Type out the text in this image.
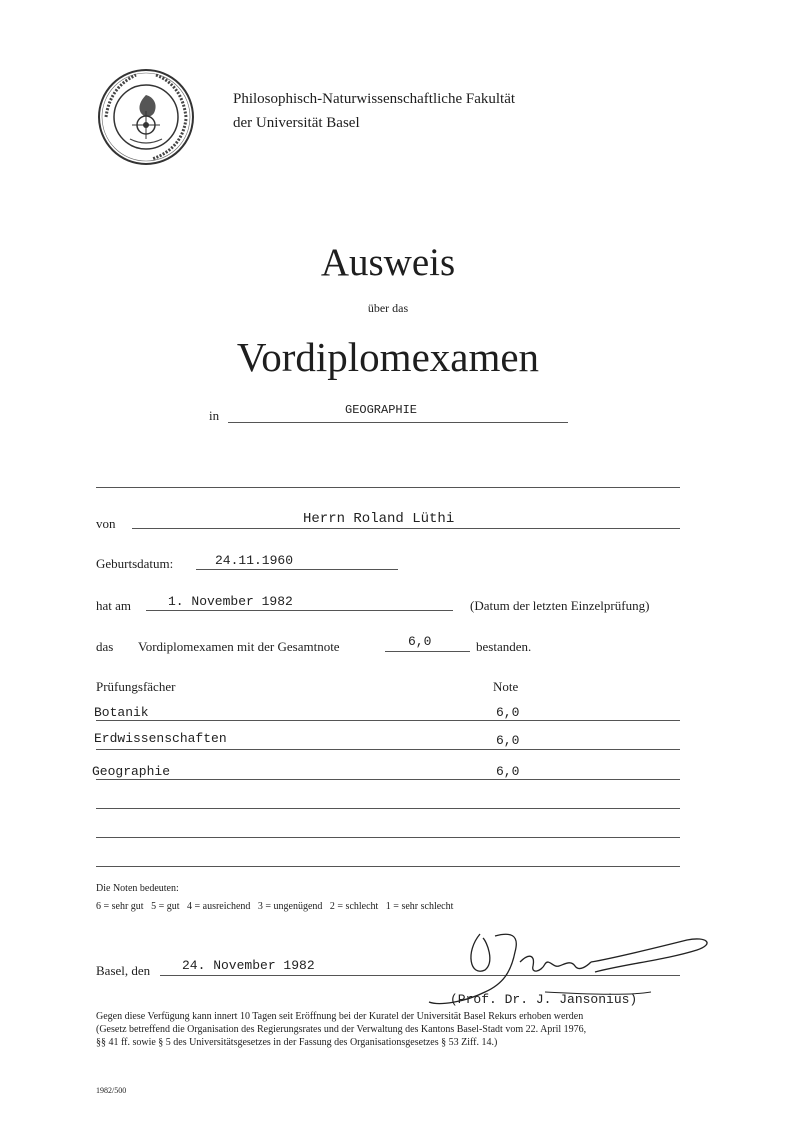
Philosophisch-Naturwissenschaftliche Fakultät
der Universität Basel
Ausweis
über das
Vordiplomexamen
in	GEOGRAPHIE
von	Herrn Roland Lüthi
Geburtsdatum:	24.11.1960
hat am	1. November 1982	(Datum der letzten Einzelprüfung)
das Vordiplomexamen mit der Gesamtnote	6,0	bestanden.
Prüfungsfächer	Note
Botanik	6,0
Erdwissenschaften	6,0
Geographie	6,0
Die Noten bedeuten:
6 = sehr gut   5 = gut   4 = ausreichend   3 = ungenügend   2 = schlecht   1 = sehr schlecht
Basel, den 24. November 1982
(Prof. Dr. J. Jansonius)
Gegen diese Verfügung kann innert 10 Tagen seit Eröffnung bei der Kuratel der Universität Basel Rekurs erhoben werden
(Gesetz betreffend die Organisation des Regierungsrates und der Verwaltung des Kantons Basel-Stadt vom 22. April 1976,
§§ 41 ff. sowie § 5 des Universitätsgesetzes in der Fassung des Organisationsgesetzes § 53 Ziff. 14.)
1982/500
